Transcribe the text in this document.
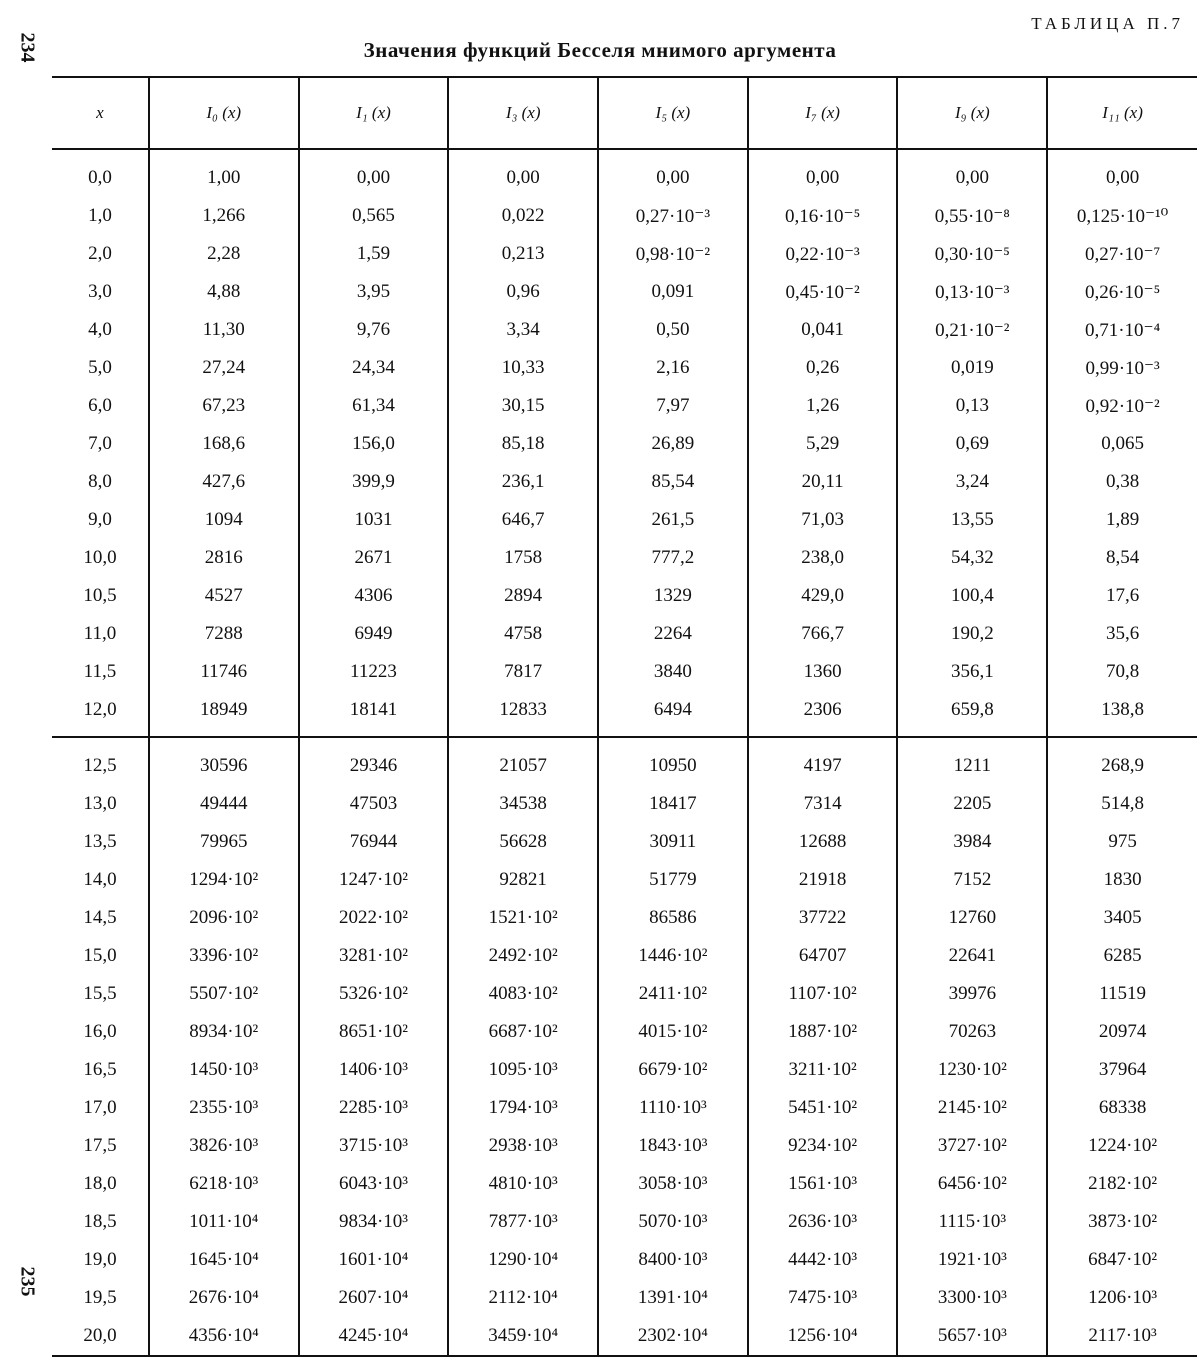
234
ТАБЛИЦА П.7
Значения функций Бесселя мнимого аргумента
x	I₀ (x)	I₁ (x)	I₃ (x)	I₅ (x)	I₇ (x)	I₉ (x)	I₁₁ (x)
0,0	1,00	0,00	0,00	0,00	0,00	0,00	0,00
1,0	1,266	0,565	0,022	0,27·10⁻³	0,16·10⁻⁵	0,55·10⁻⁸	0,125·10⁻¹⁰
2,0	2,28	1,59	0,213	0,98·10⁻²	0,22·10⁻³	0,30·10⁻⁵	0,27·10⁻⁷
3,0	4,88	3,95	0,96	0,091	0,45·10⁻²	0,13·10⁻³	0,26·10⁻⁵
4,0	11,30	9,76	3,34	0,50	0,041	0,21·10⁻²	0,71·10⁻⁴
5,0	27,24	24,34	10,33	2,16	0,26	0,019	0,99·10⁻³
6,0	67,23	61,34	30,15	7,97	1,26	0,13	0,92·10⁻²
7,0	168,6	156,0	85,18	26,89	5,29	0,69	0,065
8,0	427,6	399,9	236,1	85,54	20,11	3,24	0,38
9,0	1094	1031	646,7	261,5	71,03	13,55	1,89
10,0	2816	2671	1758	777,2	238,0	54,32	8,54
10,5	4527	4306	2894	1329	429,0	100,4	17,6
11,0	7288	6949	4758	2264	766,7	190,2	35,6
11,5	11746	11223	7817	3840	1360	356,1	70,8
12,0	18949	18141	12833	6494	2306	659,8	138,8
12,5	30596	29346	21057	10950	4197	1211	268,9
13,0	49444	47503	34538	18417	7314	2205	514,8
13,5	79965	76944	56628	30911	12688	3984	975
14,0	1294·10²	1247·10²	92821	51779	21918	7152	1830
14,5	2096·10²	2022·10²	1521·10²	86586	37722	12760	3405
15,0	3396·10²	3281·10²	2492·10²	1446·10²	64707	22641	6285
15,5	5507·10²	5326·10²	4083·10²	2411·10²	1107·10²	39976	11519
16,0	8934·10²	8651·10²	6687·10²	4015·10²	1887·10²	70263	20974
16,5	1450·10³	1406·10³	1095·10³	6679·10²	3211·10²	1230·10²	37964
17,0	2355·10³	2285·10³	1794·10³	1110·10³	5451·10²	2145·10²	68338
17,5	3826·10³	3715·10³	2938·10³	1843·10³	9234·10²	3727·10²	1224·10²
18,0	6218·10³	6043·10³	4810·10³	3058·10³	1561·10³	6456·10²	2182·10²
18,5	1011·10⁴	9834·10³	7877·10³	5070·10³	2636·10³	1115·10³	3873·10²
19,0	1645·10⁴	1601·10⁴	1290·10⁴	8400·10³	4442·10³	1921·10³	6847·10²
19,5	2676·10⁴	2607·10⁴	2112·10⁴	1391·10⁴	7475·10³	3300·10³	1206·10³
20,0	4356·10⁴	4245·10⁴	3459·10⁴	2302·10⁴	1256·10⁴	5657·10³	2117·10³
235
